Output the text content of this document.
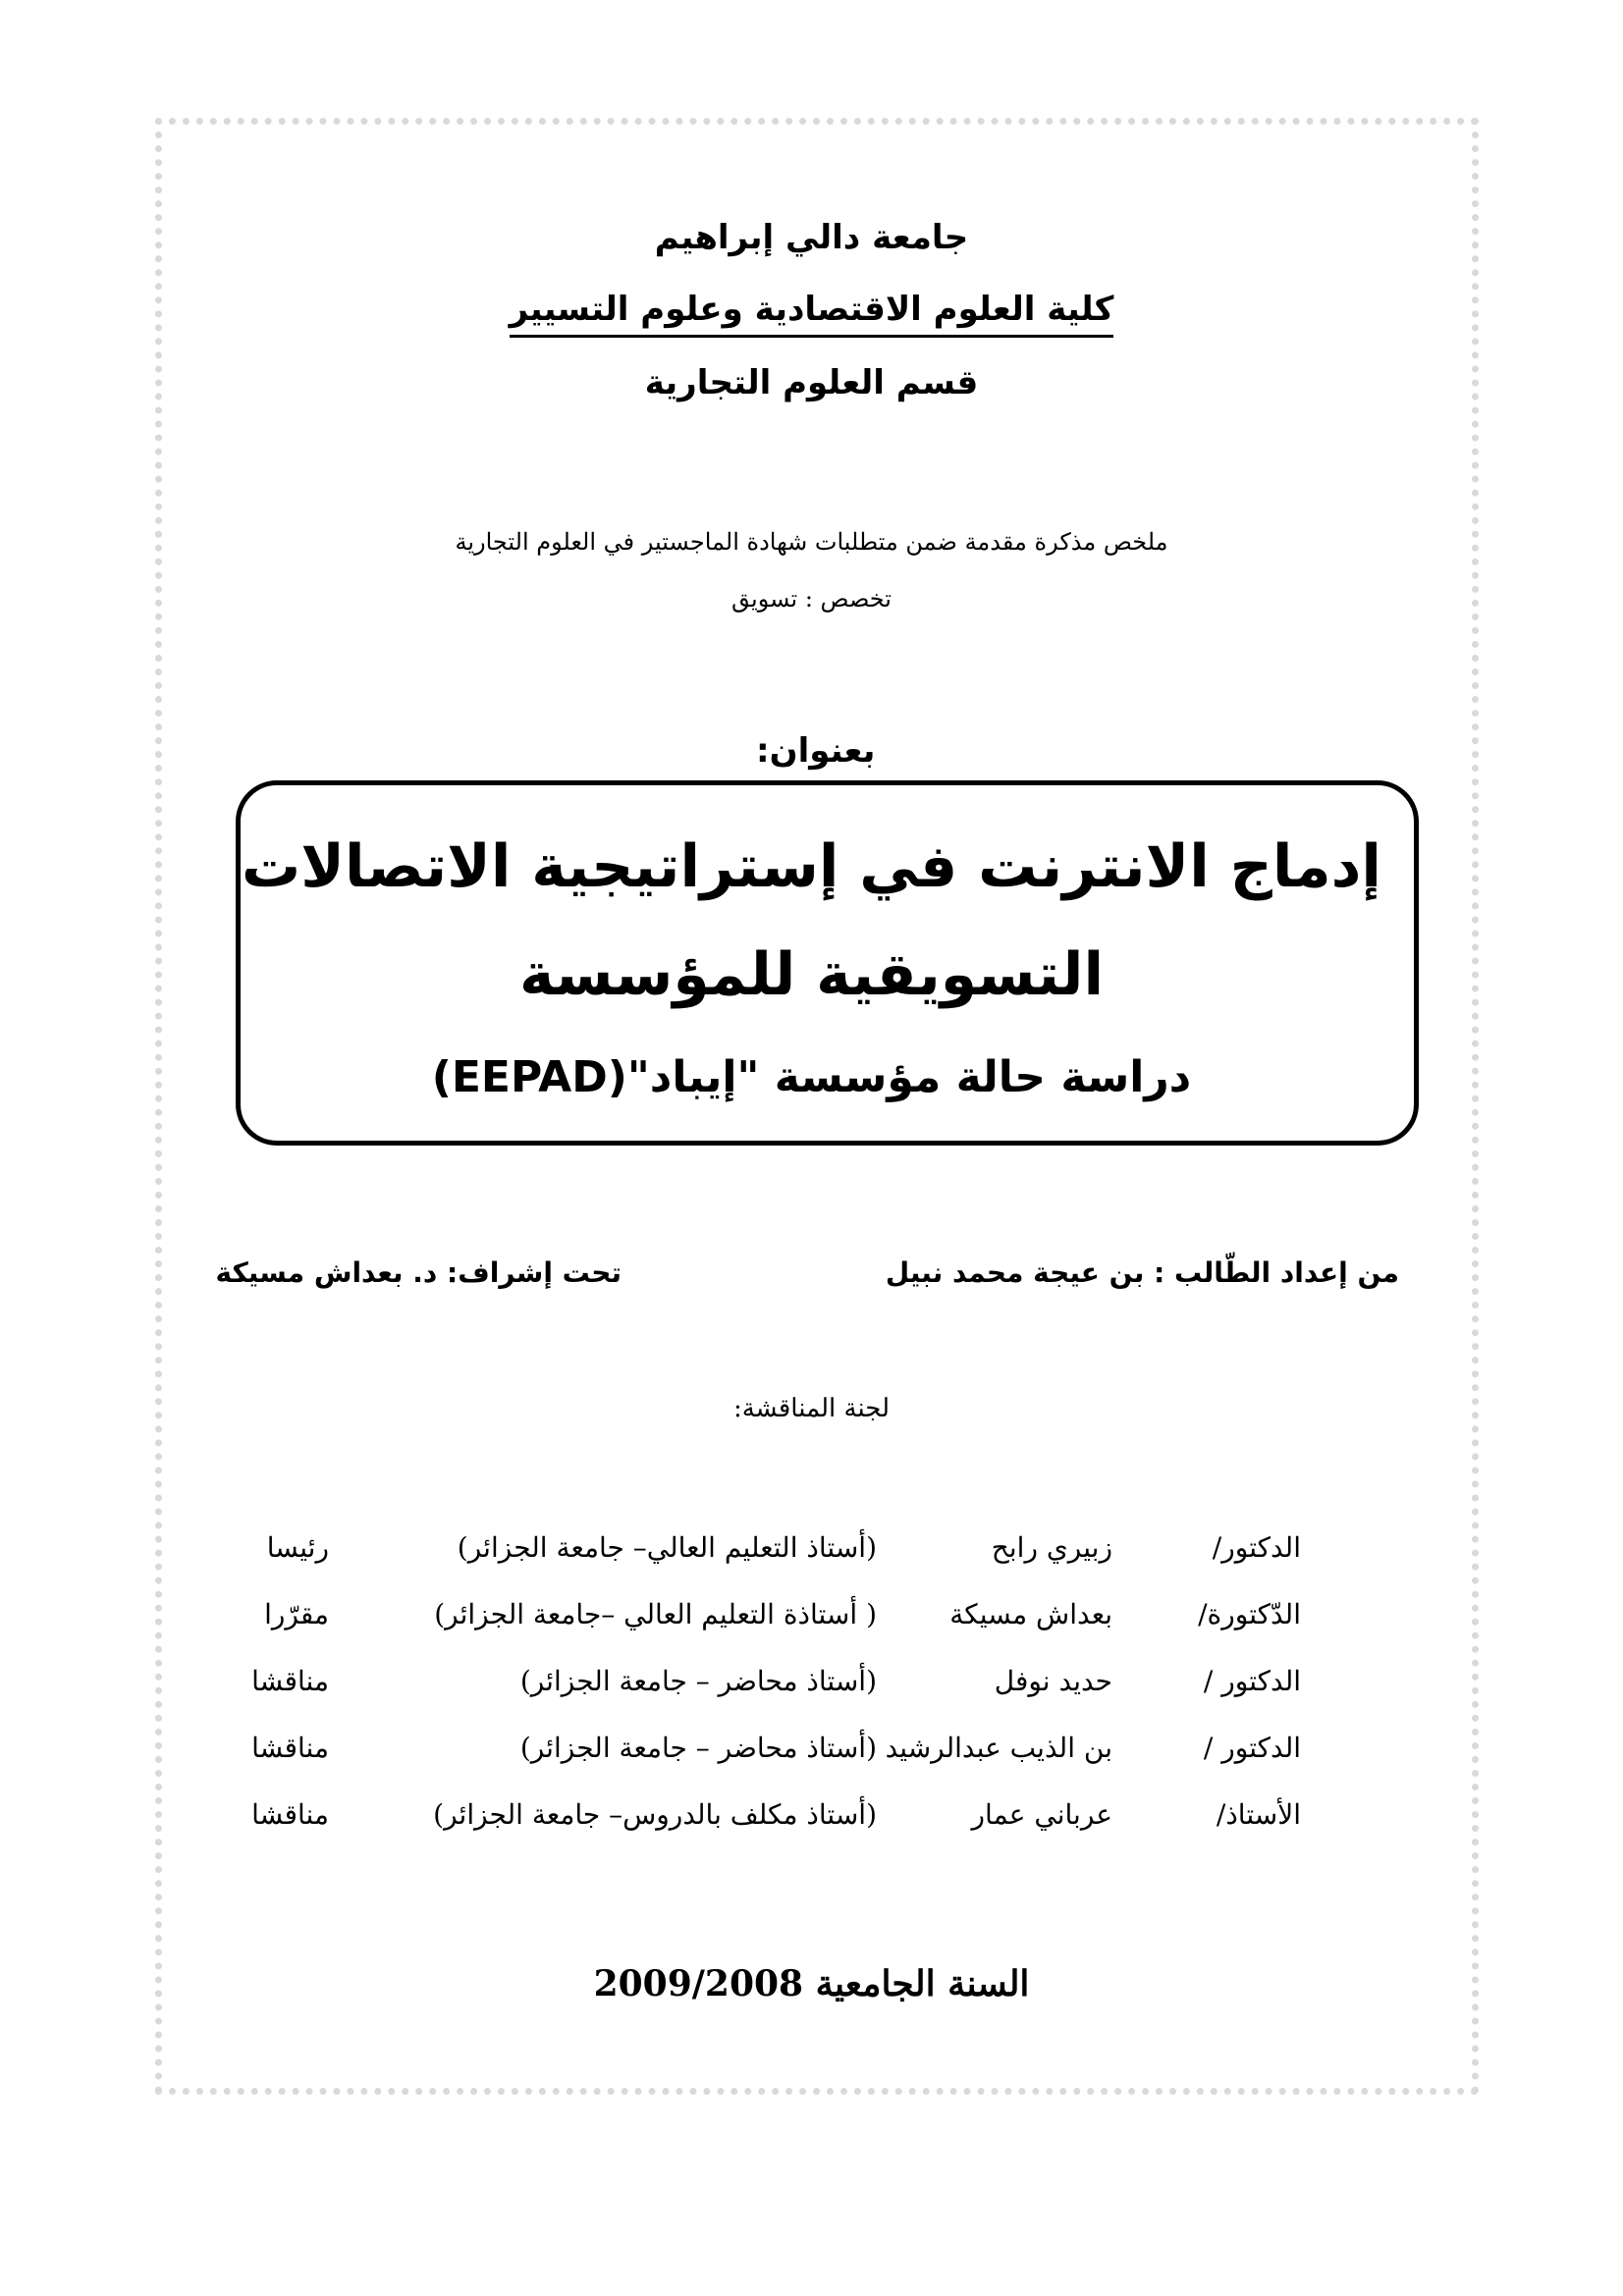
جامعة دالي إبراهيم
كلية العلوم الاقتصادية وعلوم التسيير
قسم العلوم التجارية
ملخص مذكرة مقدمة ضمن متطلبات شهادة الماجستير في العلوم التجارية
تخصص : تسويق
بعنوان:
إدماج الانترنت في إستراتيجية الاتصالات
التسويقية للمؤسسة
دراسة حالة مؤسسة "إيباد"(EEPAD)
من إعداد الطّالب : بن عيجة محمد نبيل
تحت إشراف: د. بعداش مسيكة
لجنة المناقشة:
الدكتور/
زبيري رابح
(أستاذ التعليم العالي– جامعة الجزائر)
رئيسا
الدّكتورة/
بعداش مسيكة
( أستاذة التعليم العالي –جامعة الجزائر)
مقرّرا
الدكتور /
حديد نوفل
(أستاذ محاضر – جامعة الجزائر)
مناقشا
الدكتور /
بن الذيب عبدالرشيد
(أستاذ محاضر – جامعة الجزائر)
مناقشا
الأستاذ/
عرباني عمار
(أستاذ مكلف بالدروس– جامعة الجزائر)
مناقشا
السنة الجامعية 2009/2008
